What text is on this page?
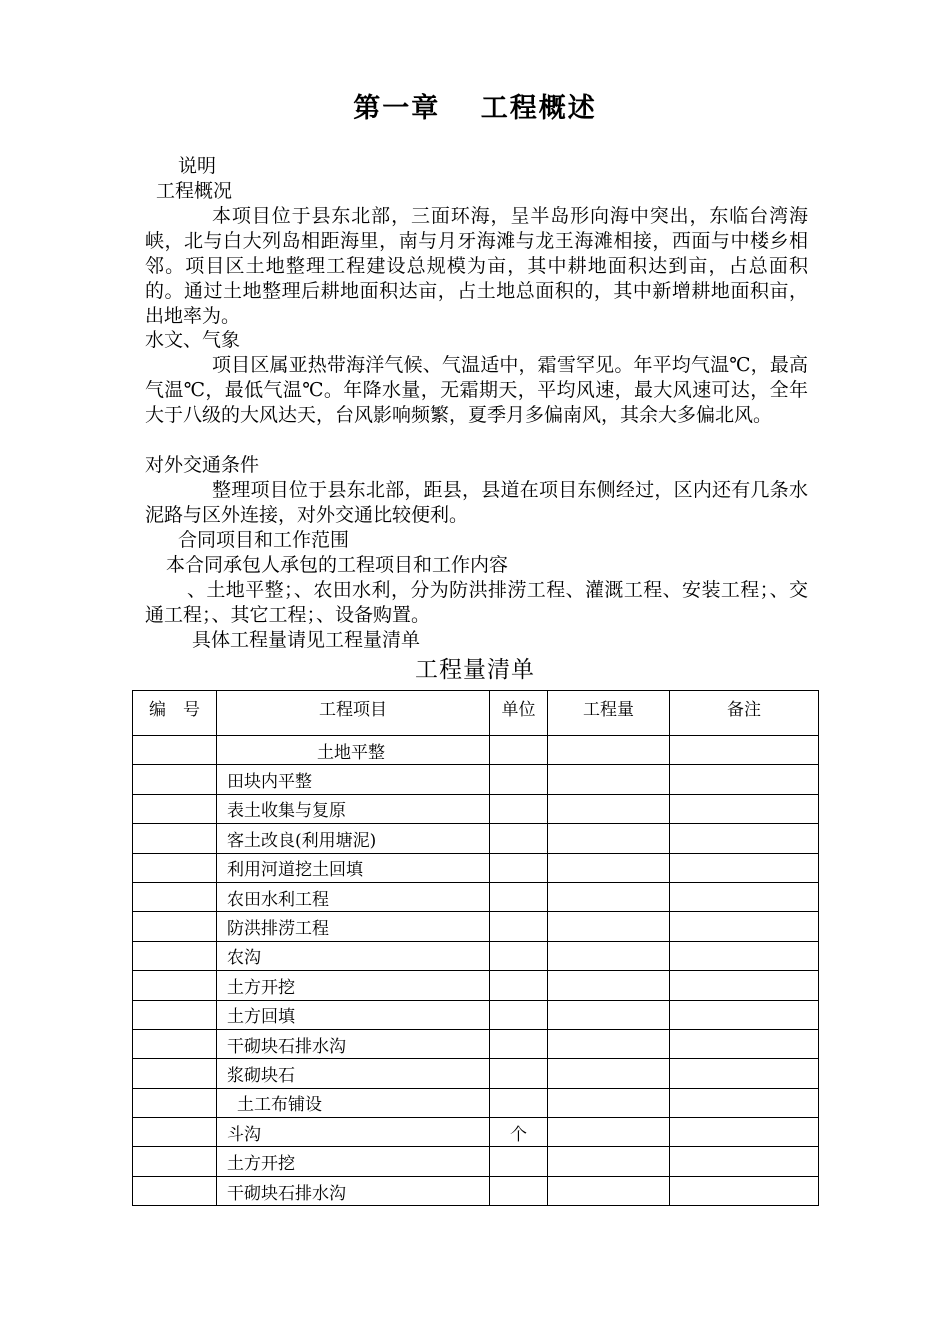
第一章　 工程概述
说明
工程概况
本项目位于县东北部，三面环海，呈半岛形向海中突出，东临台湾海峡，北与白大列岛相距海里，南与月牙海滩与龙王海滩相接，西面与中楼乡相邻。项目区土地整理工程建设总规模为亩，其中耕地面积达到亩，占总面积的。通过土地整理后耕地面积达亩，占土地总面积的，其中新增耕地面积亩，出地率为。
水文、气象
项目区属亚热带海洋气候、气温适中，霜雪罕见。年平均气温℃，最高气温℃，最低气温℃。年降水量，无霜期天，平均风速，最大风速可达，全年大于八级的大风达天，台风影响频繁，夏季月多偏南风，其余大多偏北风。
对外交通条件
整理项目位于县东北部，距县，县道在项目东侧经过，区内还有几条水泥路与区外连接，对外交通比较便利。
合同项目和工作范围
本合同承包人承包的工程项目和工作内容
、土地平整；、农田水利，分为防洪排涝工程、灌溉工程、安装工程；、交通工程；、其它工程；、设备购置。
具体工程量请见工程量清单
工程量清单
编　号	工程项目	单位	工程量	备注
	土地平整			
	田块内平整			
	表土收集与复原			
	客土改良(利用塘泥)			
	利用河道挖土回填			
	农田水利工程			
	防洪排涝工程			
	农沟			
	土方开挖			
	土方回填			
	干砌块石排水沟			
	浆砌块石			
	土工布铺设			
	斗沟	个		
	土方开挖			
	干砌块石排水沟			
